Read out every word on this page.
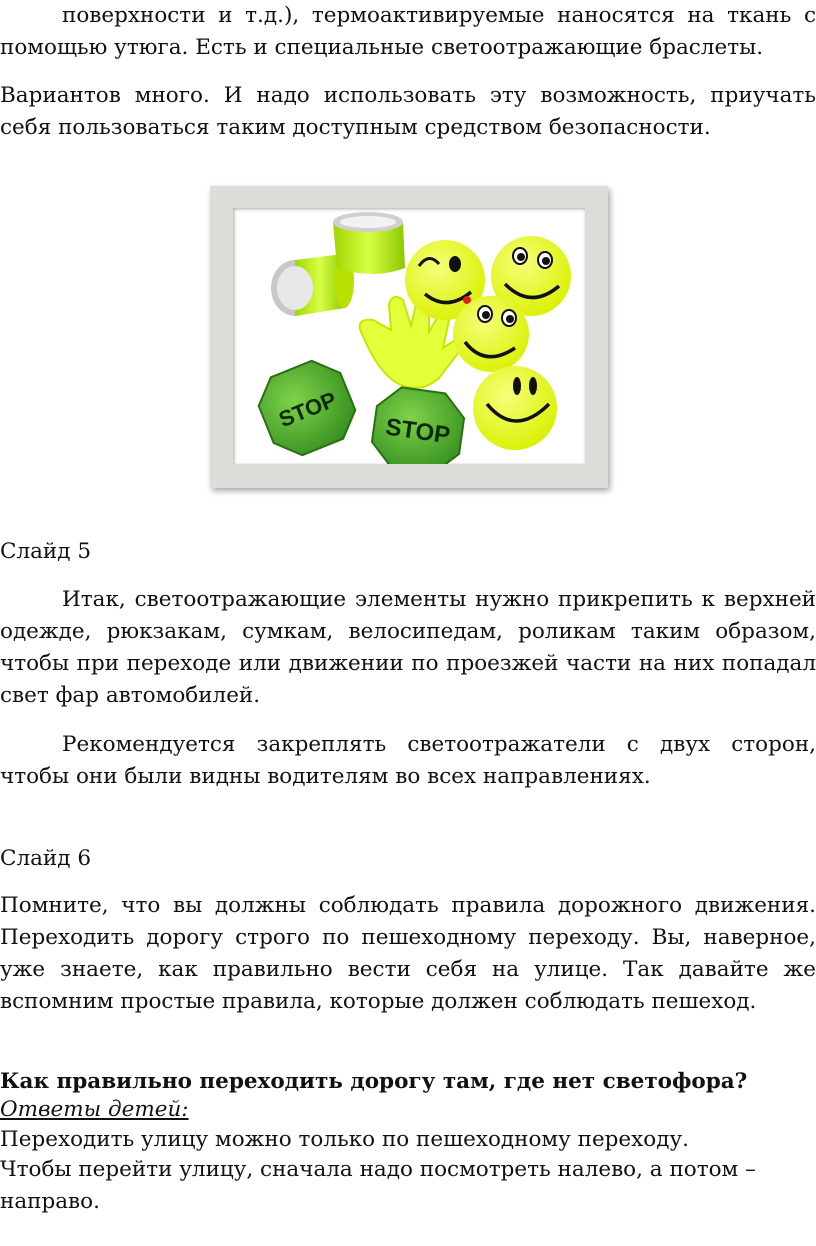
поверхности и т.д.), термоактивируемые наносятся на ткань с помощью утюга. Есть и специальные светоотражающие браслеты.

Вариантов много. И надо использовать эту возможность, приучать себя пользоваться таким доступным средством безопасности.

STOP STOP

Слайд 5

Итак, светоотражающие элементы нужно прикрепить к верхней одежде, рюкзакам, сумкам, велосипедам, роликам таким образом, чтобы при переходе или движении по проезжей части на них попадал свет фар автомобилей.

Рекомендуется закреплять светоотражатели с двух сторон, чтобы они были видны водителям во всех направлениях.

Слайд 6

Помните, что вы должны соблюдать правила дорожного движения. Переходить дорогу строго по пешеходному переходу. Вы, наверное, уже знаете, как правильно вести себя на улице. Так давайте же вспомним простые правила, которые должен соблюдать пешеход.

Как правильно переходить дорогу там, где нет светофора?

Ответы детей:

Переходить улицу можно только по пешеходному переходу.

Чтобы перейти улицу, сначала надо посмотреть налево, а потом – направо.
